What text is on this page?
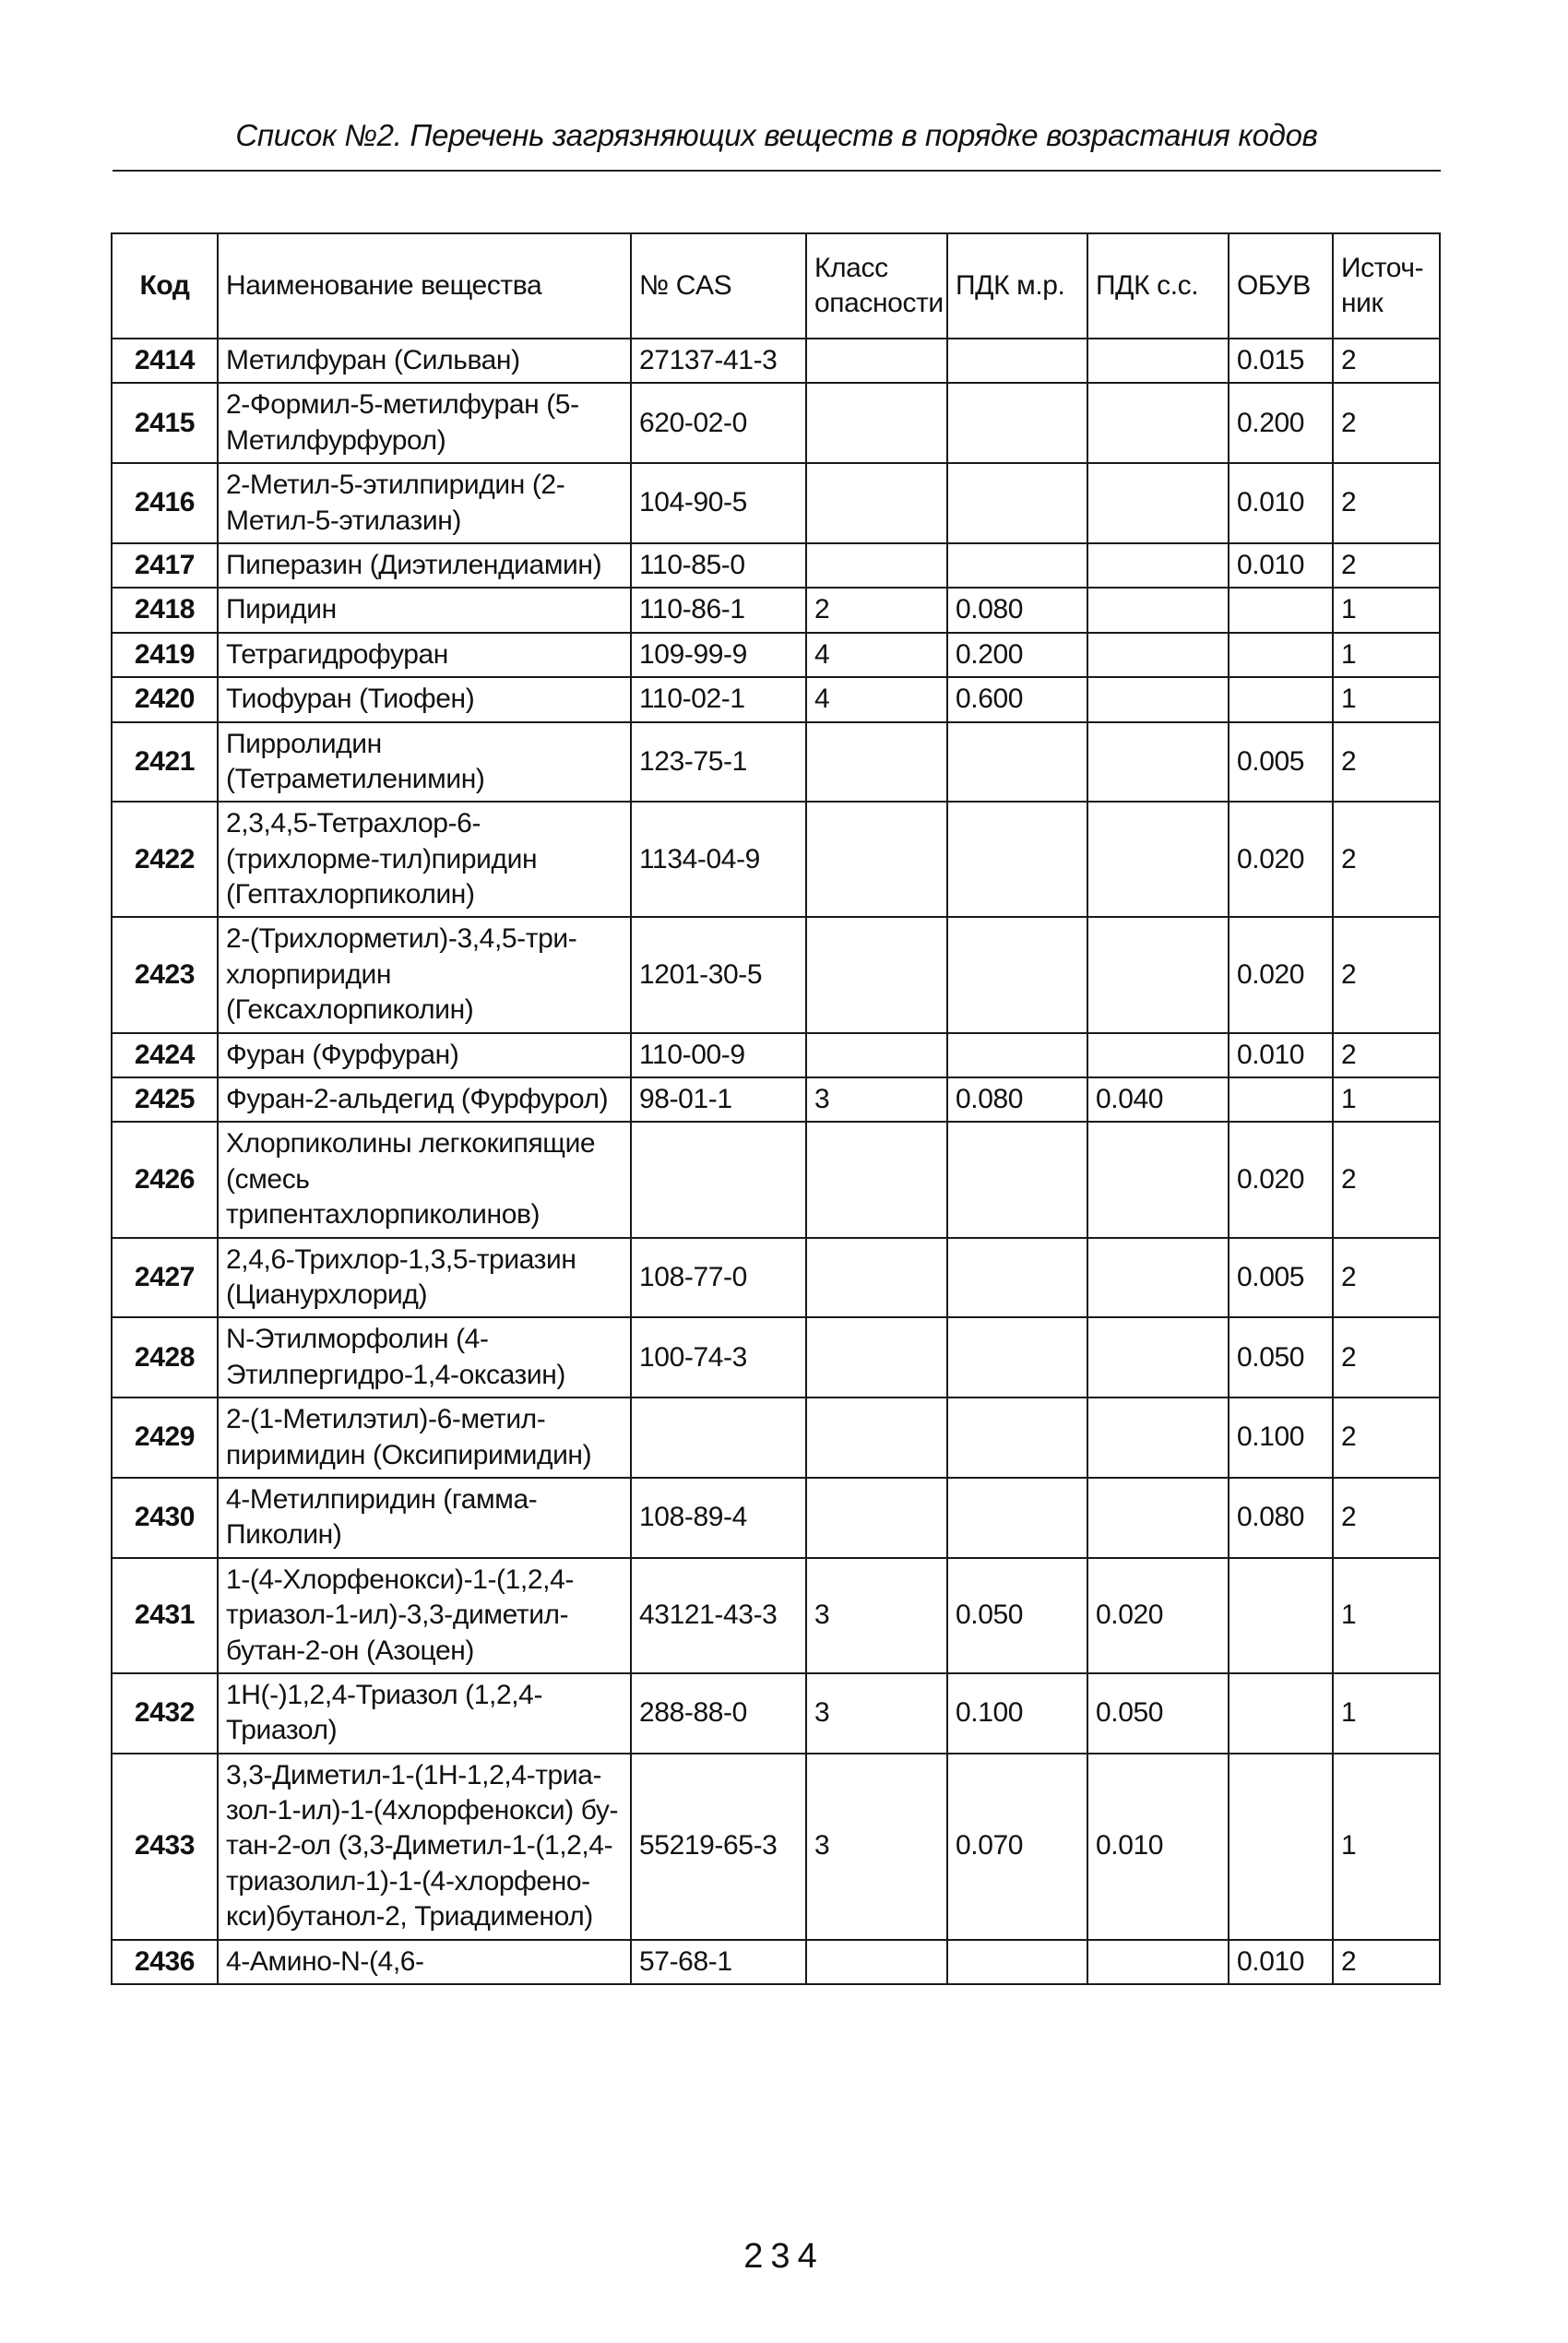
Список №2. Перечень загрязняющих веществ в порядке возрастания кодов
Код	Наименование вещества	№ CAS	Класс опасности	ПДК м.р.	ПДК с.с.	ОБУВ	Источ-ник
2414	Метилфуран (Сильван)	27137-41-3				0.015	2
2415	2-Формил-5-метилфуран (5-Метилфурфурол)	620-02-0				0.200	2
2416	2-Метил-5-этилпиридин (2-Метил-5-этилазин)	104-90-5				0.010	2
2417	Пиперазин (Диэтилендиамин)	110-85-0				0.010	2
2418	Пиридин	110-86-1	2	0.080			1
2419	Тетрагидрофуран	109-99-9	4	0.200			1
2420	Тиофуран (Тиофен)	110-02-1	4	0.600			1
2421	Пирролидин (Тетраметиленимин)	123-75-1				0.005	2
2422	2,3,4,5-Тетрахлор-6-(трихлорме-тил)пиридин (Гептахлорпиколин)	1134-04-9				0.020	2
2423	2-(Трихлорметил)-3,4,5-три-хлорпиридин (Гексахлорпиколин)	1201-30-5				0.020	2
2424	Фуран (Фурфуран)	110-00-9				0.010	2
2425	Фуран-2-альдегид (Фурфурол)	98-01-1	3	0.080	0.040		1
2426	Хлорпиколины легкокипящие (смесь трипентахлорпиколинов)					0.020	2
2427	2,4,6-Трихлор-1,3,5-триазин (Цианурхлорид)	108-77-0				0.005	2
2428	N-Этилморфолин (4-Этилпергидро-1,4-оксазин)	100-74-3				0.050	2
2429	2-(1-Метилэтил)-6-метил-пиримидин (Оксипиримидин)					0.100	2
2430	4-Метилпиридин (гамма-Пиколин)	108-89-4				0.080	2
2431	1-(4-Хлорфенокси)-1-(1,2,4-триазол-1-ил)-3,3-диметил-бутан-2-он (Азоцен)	43121-43-3	3	0.050	0.020		1
2432	1Н(-)1,2,4-Триазол (1,2,4-Триазол)	288-88-0	3	0.100	0.050		1
2433	3,3-Диметил-1-(1Н-1,2,4-триа-зол-1-ил)-1-(4хлорфенокси) бу-тан-2-ол (3,3-Диметил-1-(1,2,4-триазолил-1)-1-(4-хлорфено-кси)бутанол-2, Триадименол)	55219-65-3	3	0.070	0.010		1
2436	4-Амино-N-(4,6-	57-68-1				0.010	2
234
